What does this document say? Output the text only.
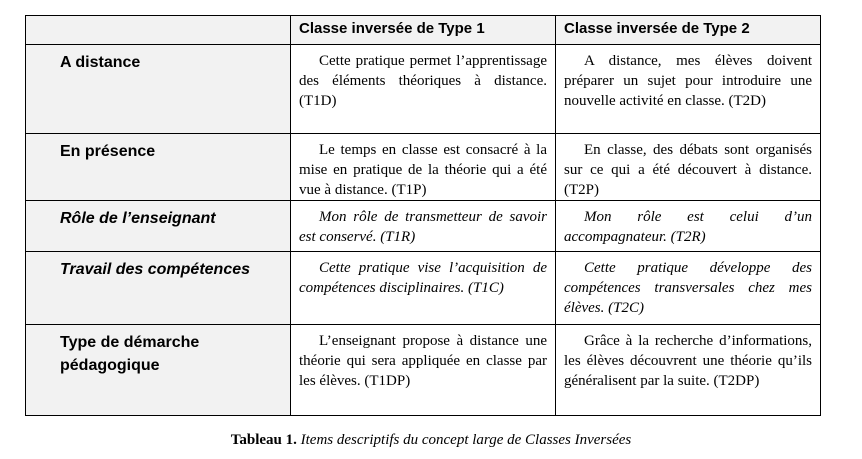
	Classe inversée de Type 1	Classe inversée de Type 2

A distance	Cette pratique permet l’apprentissage des éléments théoriques à distance. (T1D)	A distance, mes élèves doivent préparer un sujet pour introduire une nouvelle activité en classe. (T2D)

En présence	Le temps en classe est consacré à la mise en pratique de la théorie qui a été vue à distance. (T1P)	En classe, des débats sont organisés sur ce qui a été découvert à distance. (T2P)

Rôle de l’enseignant	Mon rôle de transmetteur de savoir est conservé. (T1R)	Mon rôle est celui d’un accompagnateur. (T2R)

Travail des compétences	Cette pratique vise l’acquisition de compétences disciplinaires. (T1C)	Cette pratique développe des compétences transversales chez mes élèves. (T2C)

Type de démarche pédagogique	L’enseignant propose à distance une théorie qui sera appliquée en classe par les élèves. (T1DP)	Grâce à la recherche d’informations, les élèves découvrent une théorie qu’ils généralisent par la suite. (T2DP)
Tableau 1. Items descriptifs du concept large de Classes Inversées
